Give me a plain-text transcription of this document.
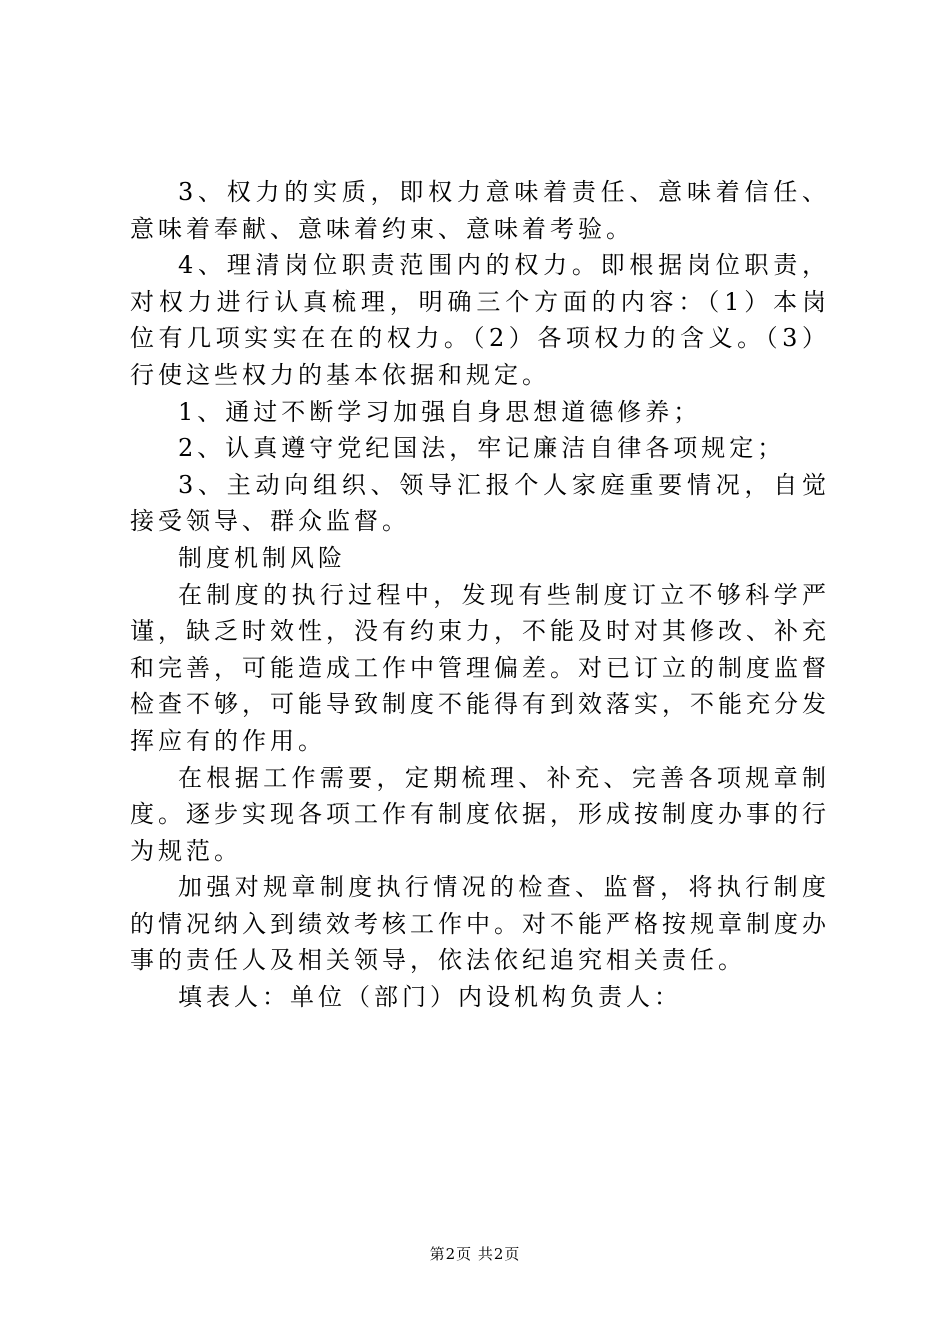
3、权力的实质，即权力意味着责任、意味着信任、意味着奉献、意味着约束、意味着考验。

4、理清岗位职责范围内的权力。即根据岗位职责，对权力进行认真梳理，明确三个方面的内容：（1）本岗位有几项实实在在的权力。（2）各项权力的含义。（3）行使这些权力的基本依据和规定。

1、通过不断学习加强自身思想道德修养；

2、认真遵守党纪国法，牢记廉洁自律各项规定；

3、主动向组织、领导汇报个人家庭重要情况，自觉接受领导、群众监督。

制度机制风险

在制度的执行过程中，发现有些制度订立不够科学严谨，缺乏时效性，没有约束力，不能及时对其修改、补充和完善，可能造成工作中管理偏差。对已订立的制度监督检查不够，可能导致制度不能得有到效落实，不能充分发挥应有的作用。

在根据工作需要，定期梳理、补充、完善各项规章制度。逐步实现各项工作有制度依据，形成按制度办事的行为规范。

加强对规章制度执行情况的检查、监督，将执行制度的情况纳入到绩效考核工作中。对不能严格按规章制度办事的责任人及相关领导，依法依纪追究相关责任。

填表人：单位（部门）内设机构负责人：

第2页 共2页
